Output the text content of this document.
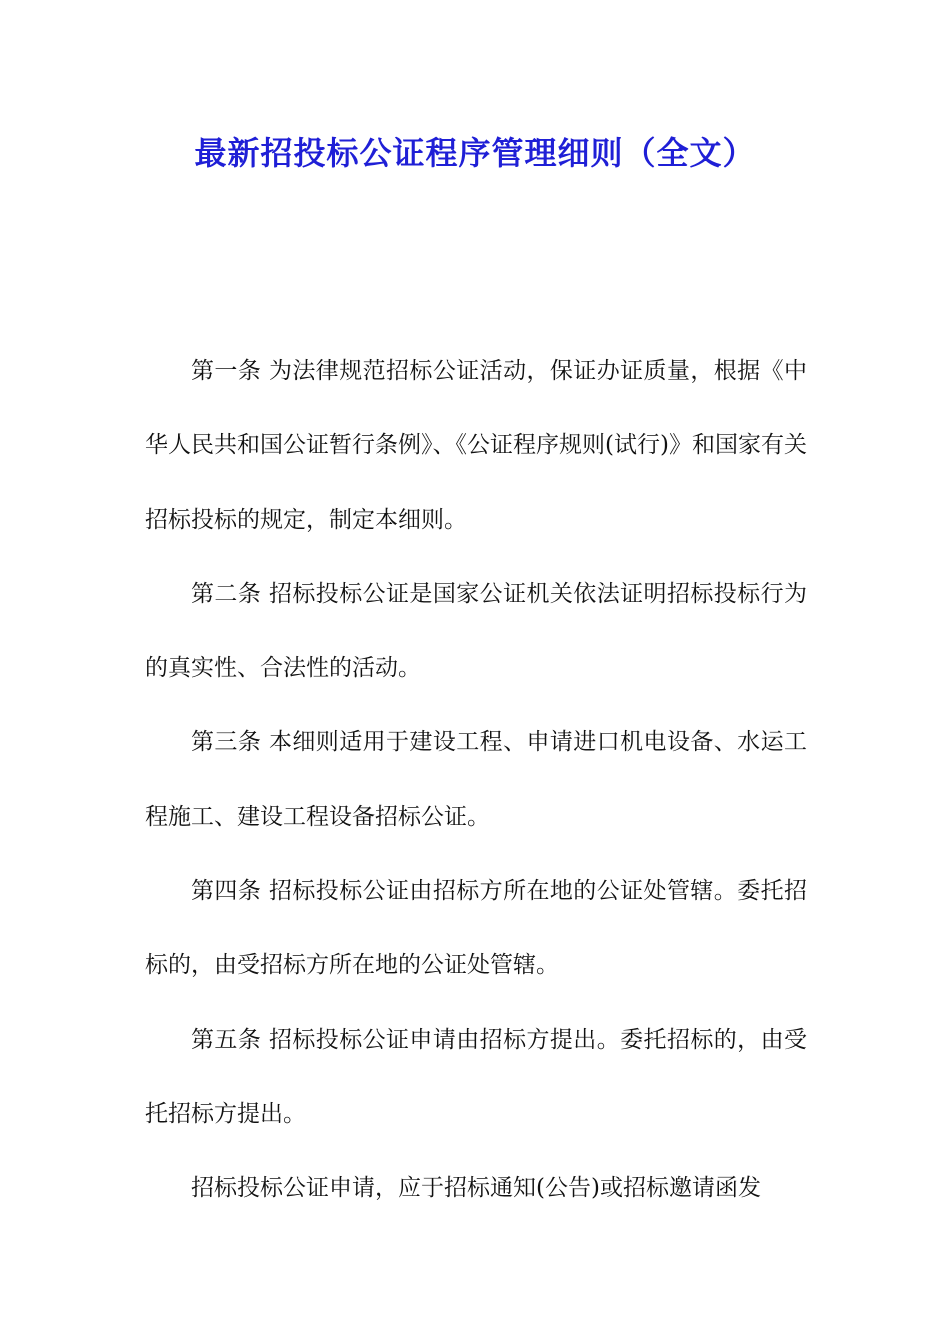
最新招投标公证程序管理细则（全文）

第一条 为法律规范招标公证活动，保证办证质量，根据《中华人民共和国公证暂行条例》、《公证程序规则(试行)》和国家有关招标投标的规定，制定本细则。

第二条 招标投标公证是国家公证机关依法证明招标投标行为的真实性、合法性的活动。

第三条 本细则适用于建设工程、申请进口机电设备、水运工程施工、建设工程设备招标公证。

第四条 招标投标公证由招标方所在地的公证处管辖。委托招标的，由受招标方所在地的公证处管辖。

第五条 招标投标公证申请由招标方提出。委托招标的，由受托招标方提出。

招标投标公证申请，应于招标通知(公告)或招标邀请函发
